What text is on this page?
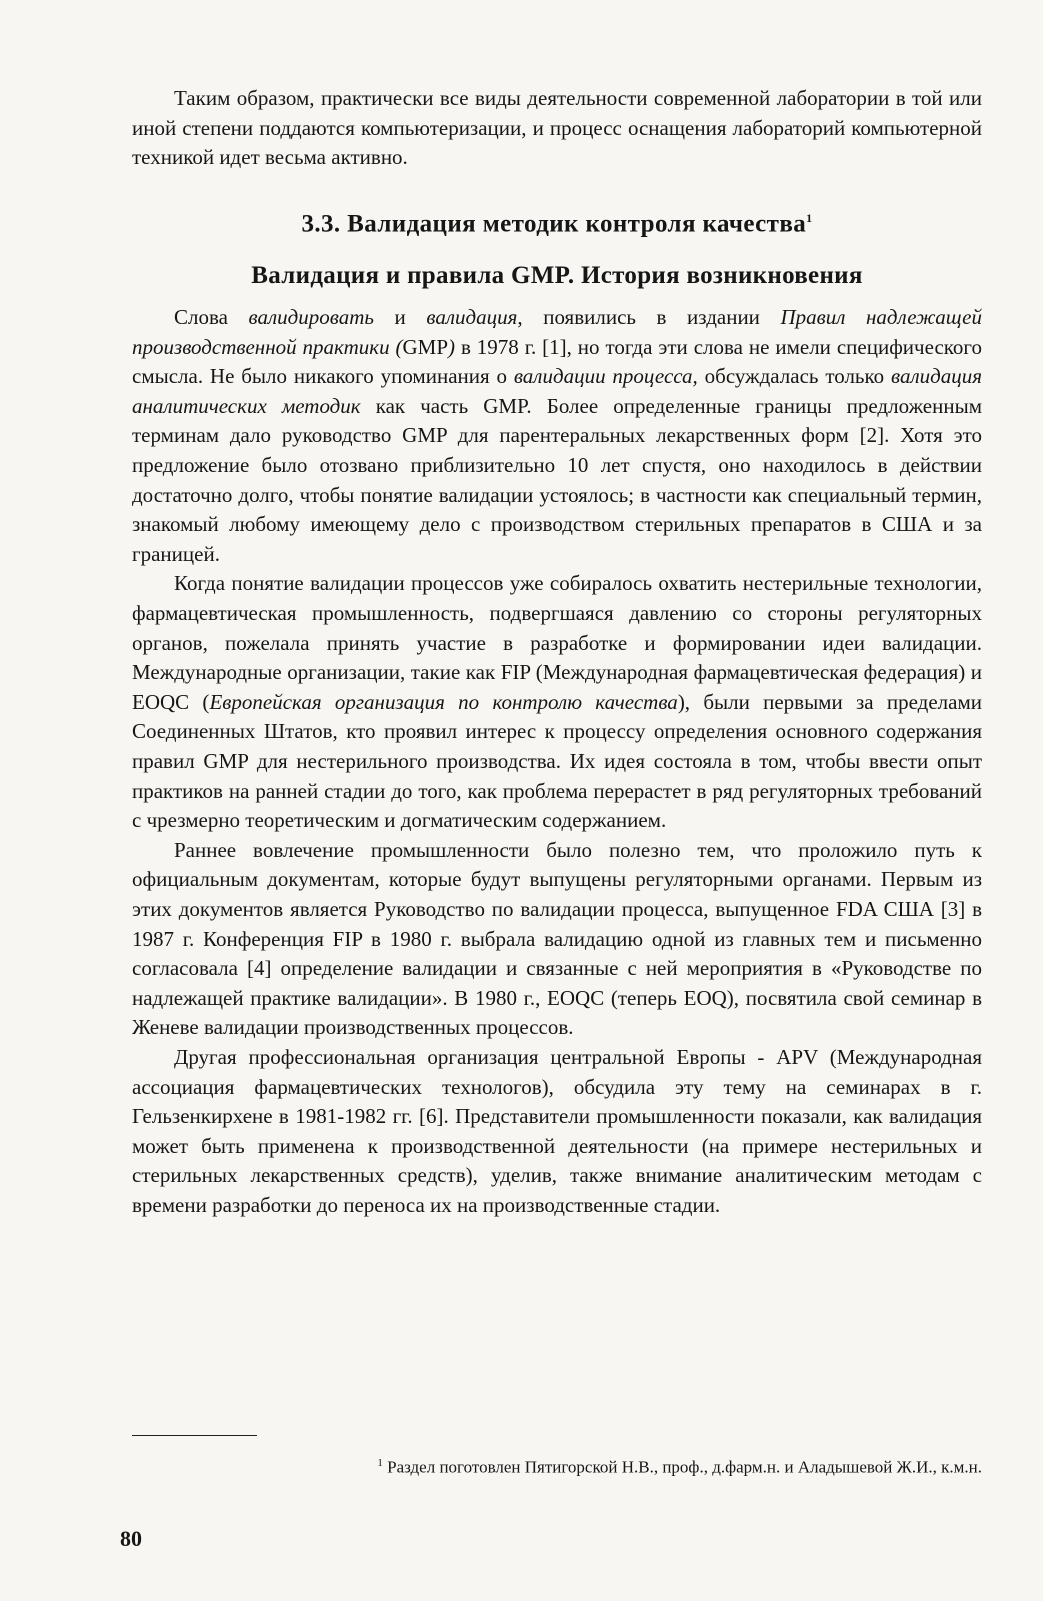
Таким образом, практически все виды деятельности современной лаборатории в той или иной степени поддаются компьютеризации, и процесс оснащения лабораторий компьютерной техникой идет весьма активно.

3.3. Валидация методик контроля качества$^1$
Валидация и правила GMP. История возникновения

Слова валидировать и валидация, появились в издании Правил надлежащей производственной практики (GMP) в 1978 г. [1], но тогда эти слова не имели специфического смысла. Не было никакого упоминания о валидации процесса, обсуждалась только валидация аналитических методик как часть GMP. Более определенные границы предложенным терминам дало руководство GMP для парентеральных лекарственных форм [2]. Хотя это предложение было отозвано приблизительно 10 лет спустя, оно находилось в действии достаточно долго, чтобы понятие валидации устоялось; в частности как специальный термин, знакомый любому имеющему дело с производством стерильных препаратов в США и за границей.

Когда понятие валидации процессов уже собиралось охватить нестерильные технологии, фармацевтическая промышленность, подвергшаяся давлению со стороны регуляторных органов, пожелала принять участие в разработке и формировании идеи валидации. Международные организации, такие как FIP (Международная фармацевтическая федерация) и EOQC (Европейская организация по контролю качества), были первыми за пределами Соединенных Штатов, кто проявил интерес к процессу определения основного содержания правил GMP для нестерильного производства. Их идея состояла в том, чтобы ввести опыт практиков на ранней стадии до того, как проблема перерастет в ряд регуляторных требований с чрезмерно теоретическим и догматическим содержанием.

Раннее вовлечение промышленности было полезно тем, что проложило путь к официальным документам, которые будут выпущены регуляторными органами. Первым из этих документов является Руководство по валидации процесса, выпущенное FDA США [3] в 1987 г. Конференция FIP в 1980 г. выбрала валидацию одной из главных тем и письменно согласовала [4] определение валидации и связанные с ней мероприятия в «Руководстве по надлежащей практике валидации». В 1980 г., EOQC (теперь EOQ), посвятила свой семинар в Женеве валидации производственных процессов.

Другая профессиональная организация центральной Европы - APV (Международная ассоциация фармацевтических технологов), обсудила эту тему на семинарах в г. Гельзенкирхене в 1981-1982 гг. [6]. Представители промышленности показали, как валидация может быть применена к производственной деятельности (на примере нестерильных и стерильных лекарственных средств), уделив, также внимание аналитическим методам с времени разработки до переноса их на производственные стадии.

$^1$ Раздел поготовлен Пятигорской Н.В., проф., д.фарм.н. и Аладышевой Ж.И., к.м.н.
80
